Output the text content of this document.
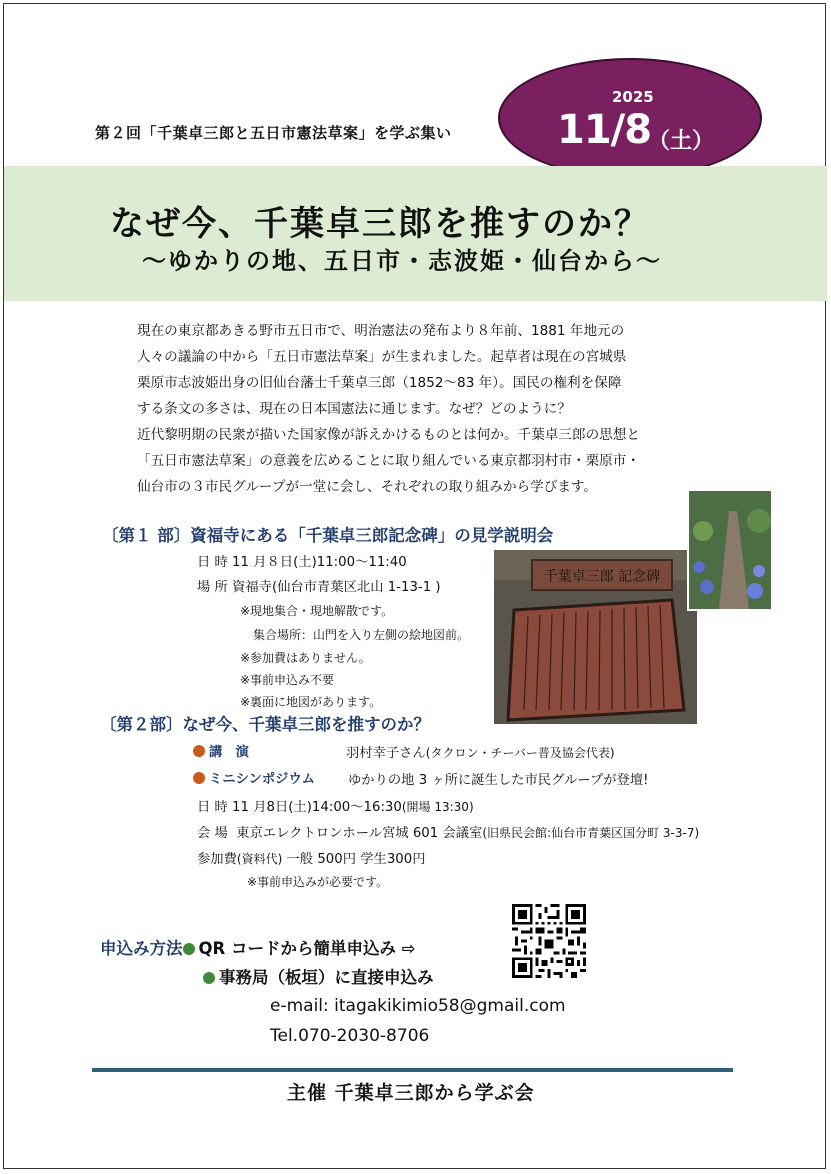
第２回「千葉卓三郎と五日市憲法草案」を学ぶ集い
2025
11/8
（土）
なぜ今、千葉卓三郎を推すのか？
～ゆかりの地、五日市・志波姫・仙台から～
現在の東京都あきる野市五日市で、明治憲法の発布より８年前、1881 年地元の
人々の議論の中から「五日市憲法草案」が生まれました。起草者は現在の宮城県
栗原市志波姫出身の旧仙台藩士千葉卓三郎（1852～83 年）。国民の権利を保障
する条文の多さは、現在の日本国憲法に通じます。なぜ？どのように？
近代黎明期の民衆が描いた国家像が訴えかけるものとは何か。千葉卓三郎の思想と
「五日市憲法草案」の意義を広めることに取り組んでいる東京都羽村市・栗原市・
仙台市の３市民グループが一堂に会し、それぞれの取り組みから学びます。
〔第１ 部〕資福寺にある「千葉卓三郎記念碑」の見学説明会
日 時 11 月８日(土)11:00～11:40
場 所 資福寺(仙台市青葉区北山 1-13-1 )
※現地集合・現地解散です。
集合場所：山門を入り左側の絵地図前。
※参加費はありません。
※事前申込み不要
※裏面に地図があります。
千葉卓三郎 記念碑
〔第２部〕なぜ今、千葉卓三郎を推すのか？
講　演	羽村幸子さん(タクロン・チーバー普及協会代表)
ミニシンポジウム ゆかりの地 3 ヶ所に誕生した市民グループが登壇!
日 時 11 月8日(土)14:00～16:30(開場 13:30)
会 場 東京エレクトロンホール宮城 601 会議室(旧県民会館:仙台市青葉区国分町 3-3-7)
参加費(資料代) 一般 500円 学生300円
※事前申込みが必要です。
申込み方法 QR コードから簡単申込み ⇨
事務局（板垣）に直接申込み
e-mail: itagakikimio58@gmail.com
Tel.070-2030-8706
主催 千葉卓三郎から学ぶ会
